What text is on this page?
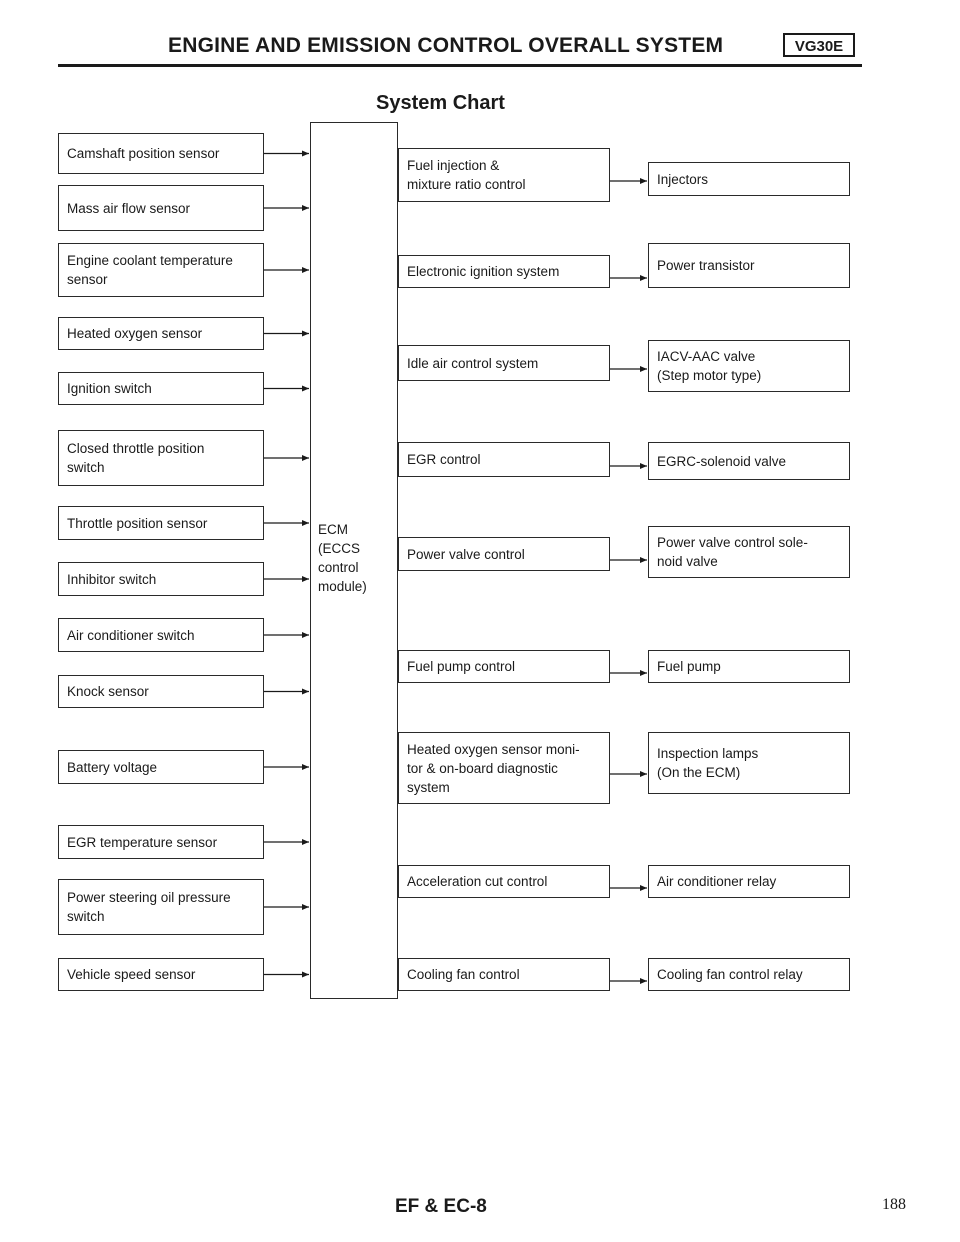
ENGINE AND EMISSION CONTROL OVERALL SYSTEM	VG30E
System Chart
ECM
(ECCS
control
module)
Camshaft position sensor
Mass air flow sensor
Engine coolant temperature
sensor
Heated oxygen sensor
Ignition switch
Closed throttle position
switch
Throttle position sensor
Inhibitor switch
Air conditioner switch
Knock sensor
Battery voltage
EGR temperature sensor
Power steering oil pressure
switch
Vehicle speed sensor
Fuel injection &
mixture ratio control	Injectors
Electronic ignition system	Power transistor
Idle air control system	IACV-AAC valve
(Step motor type)
EGR control	EGRC-solenoid valve
Power valve control
Power valve control sole-
noid valve
Fuel pump control	Fuel pump
Heated oxygen sensor moni-
tor & on-board diagnostic
system
Inspection lamps
(On the ECM)
Acceleration cut control	Air conditioner relay
Cooling fan control	Cooling fan control relay
EF & EC-8	188
